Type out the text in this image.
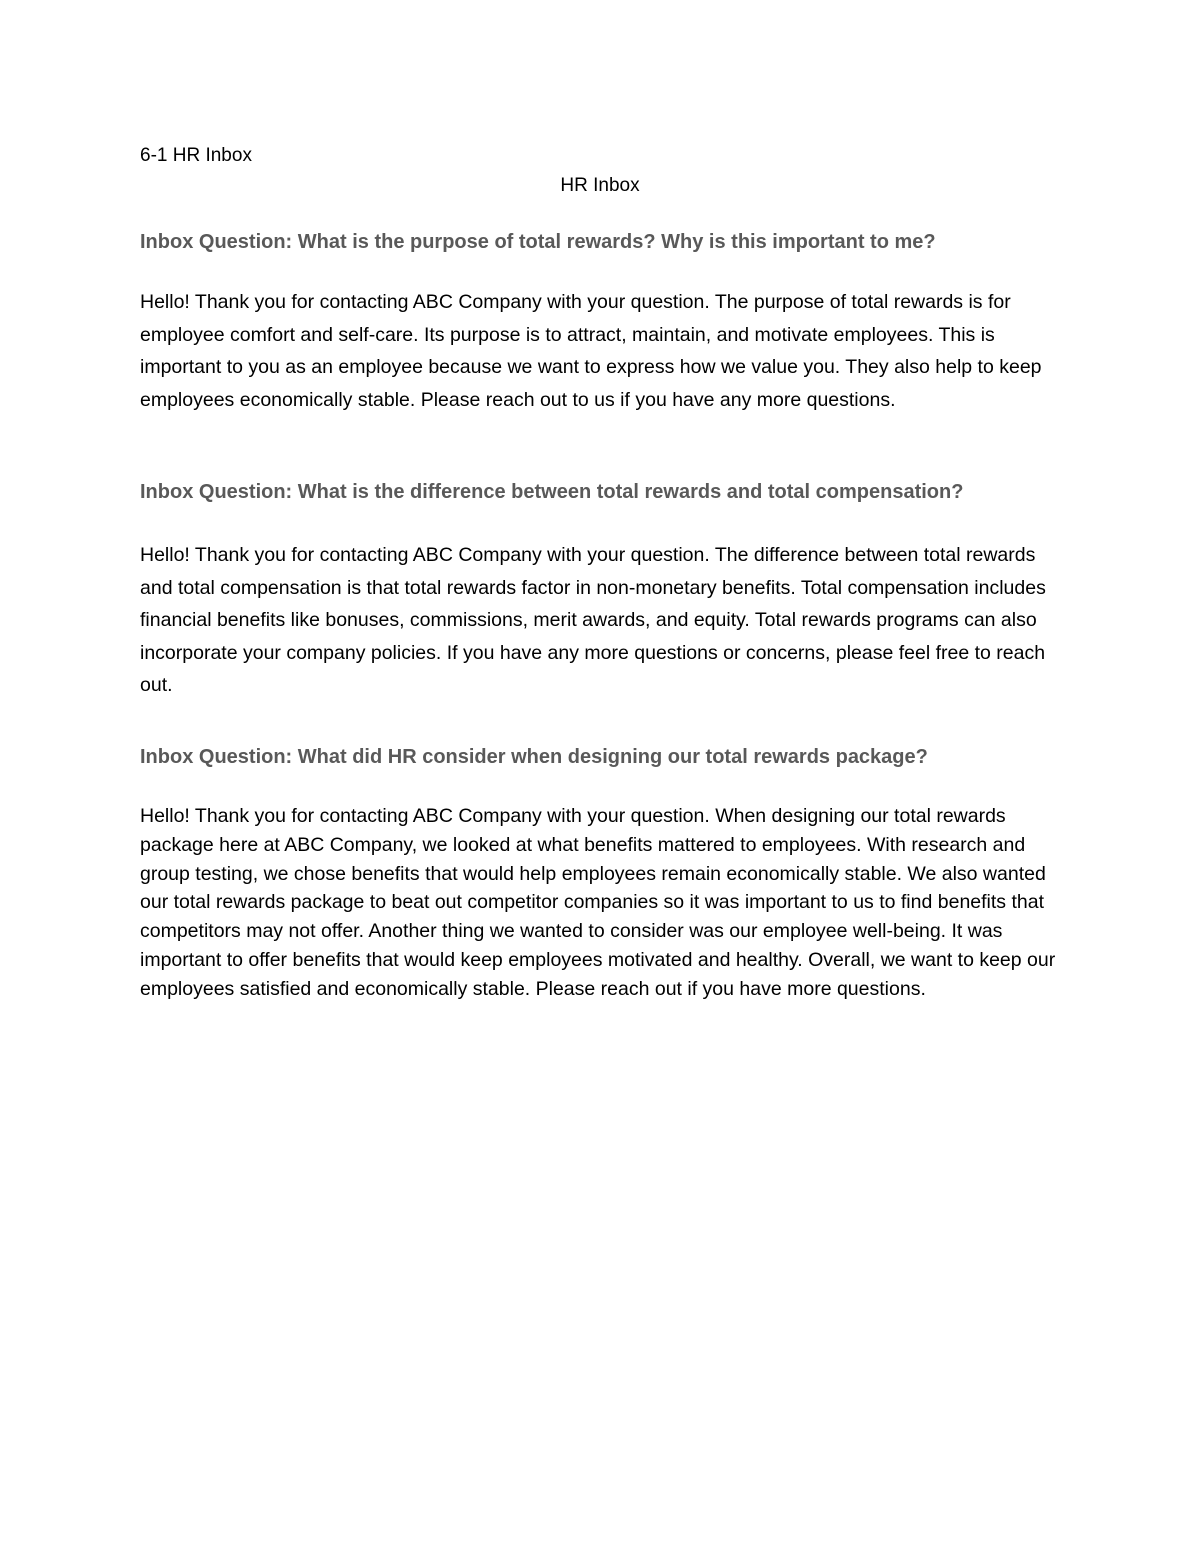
6-1 HR Inbox

HR Inbox
Inbox Question: What is the purpose of total rewards? Why is this important to me?

Hello! Thank you for contacting ABC Company with your question. The purpose of total rewards is for employee comfort and self-care. Its purpose is to attract, maintain, and motivate employees. This is important to you as an employee because we want to express how we value you. They also help to keep employees economically stable. Please reach out to us if you have any more questions.

Inbox Question: What is the difference between total rewards and total compensation?

Hello! Thank you for contacting ABC Company with your question. The difference between total rewards and total compensation is that total rewards factor in non-monetary benefits. Total compensation includes financial benefits like bonuses, commissions, merit awards, and equity. Total rewards programs can also incorporate your company policies. If you have any more questions or concerns, please feel free to reach out.

Inbox Question: What did HR consider when designing our total rewards package?

Hello! Thank you for contacting ABC Company with your question. When designing our total rewards package here at ABC Company, we looked at what benefits mattered to employees. With research and group testing, we chose benefits that would help employees remain economically stable. We also wanted our total rewards package to beat out competitor companies so it was important to us to find benefits that competitors may not offer. Another thing we wanted to consider was our employee well-being. It was important to offer benefits that would keep employees motivated and healthy. Overall, we want to keep our employees satisfied and economically stable. Please reach out if you have more questions.
